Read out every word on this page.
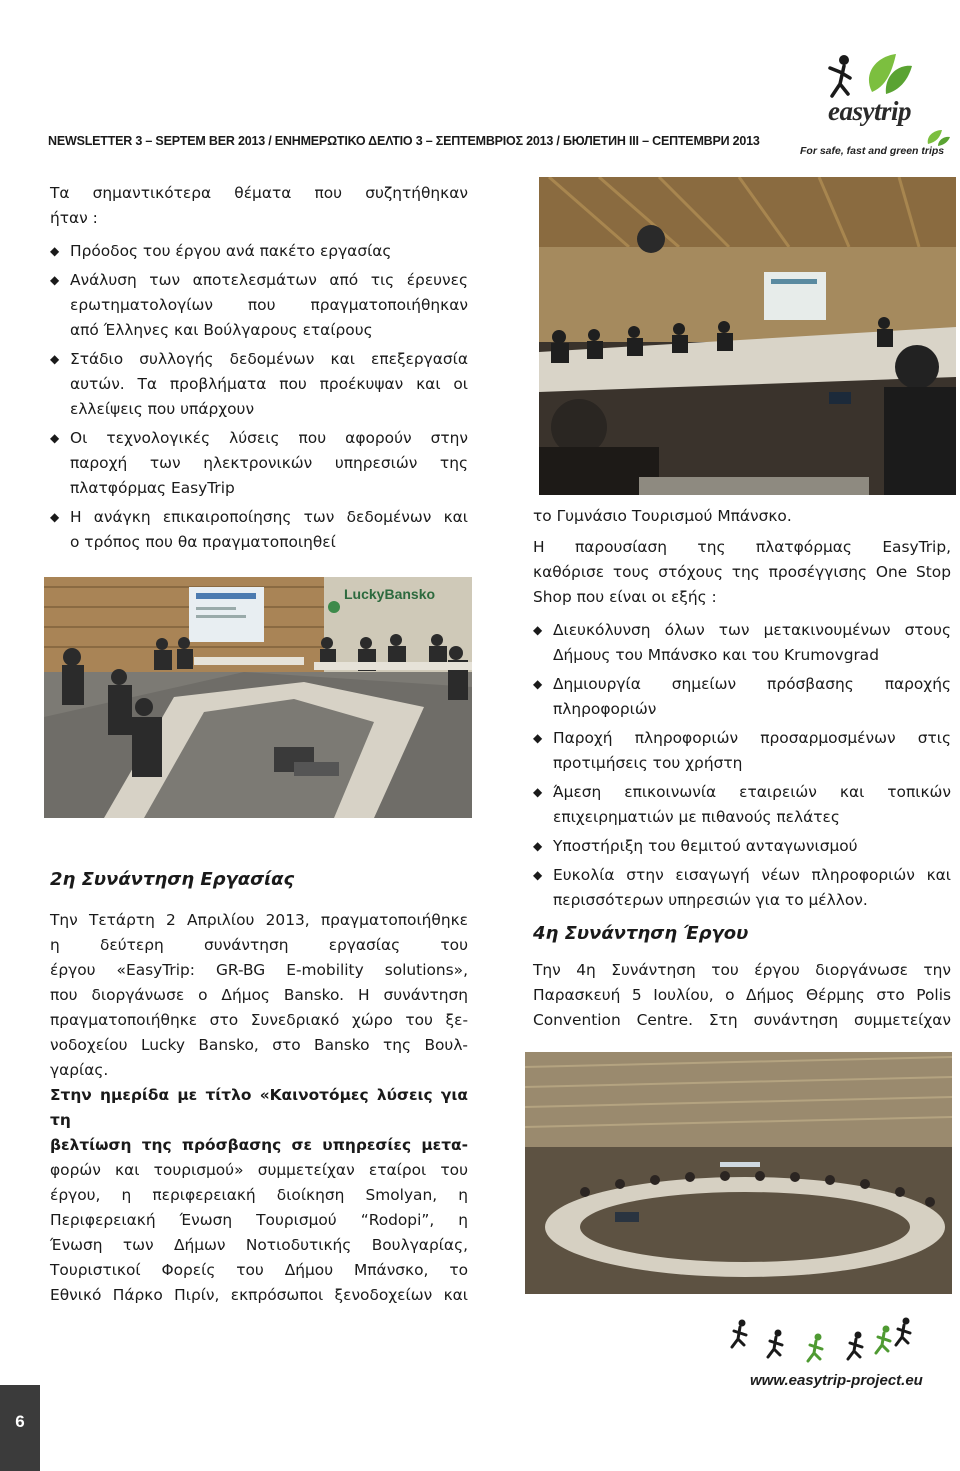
NEWSLETTER 3 – SEPTEM BER 2013 / ΕΝΗΜΕΡΩΤΙΚΟ ΔΕΛΤΙΟ 3 – ΣΕΠΤΕΜΒΡΙΟΣ 2013 / БЮЛЕТИН III – СЕПТЕМВРИ 2013
easytrip
For safe, fast and green trips
Τα σημαντικότερα θέματα που συζητήθηκαν
ήταν :
◆ Πρόοδος του έργου ανά πακέτο εργασίας
◆ Ανάλυση των αποτελεσμάτων από τις έρευνες
ερωτηματολογίων που πραγματοποιήθηκαν
από Έλληνες και Βούλγαρους εταίρους
◆ Στάδιο συλλογής δεδομένων και επεξεργασία
αυτών. Τα προβλήματα που προέκυψαν και οι
ελλείψεις που υπάρχουν
◆ Οι τεχνολογικές λύσεις που αφορούν στην
παροχή των ηλεκτρονικών υπηρεσιών της
πλατφόρμας EasyTrip
◆ Η ανάγκη επικαιροποίησης των δεδομένων και
ο τρόπος που θα πραγματοποιηθεί
LuckyBansko
2η Συνάντηση Εργασίας
Την Τετάρτη 2 Απριλίου 2013, πραγματοποιήθηκε
η δεύτερη συνάντηση εργασίας του
έργου «EasyTrip: GR-BG E-mobility solutions»,
που διοργάνωσε ο Δήμος Bansko. Η συνάντηση
πραγματοποιήθηκε στο Συνεδριακό χώρο του ξε-
νοδοχείου Lucky Bansko, στο Bansko της Βουλ-
γαρίας.
Στην ημερίδα με τίτλο «Καινοτόμες λύσεις για τη
βελτίωση της πρόσβασης σε υπηρεσίες μετα-
φορών και τουρισμού» συμμετείχαν εταίροι του
έργου, η περιφερειακή διοίκηση Smolyan, η
Περιφερειακή Ένωση Τουρισμού “Rodopi”, η
Ένωση των Δήμων Νοτιοδυτικής Βουλγαρίας,
Τουριστικοί Φορείς του Δήμου Μπάνσκο, το
Εθνικό Πάρκο Πιρίν, εκπρόσωποι ξενοδοχείων και
το Γυμνάσιο Τουρισμού Μπάνσκο.
Η παρουσίαση της πλατφόρμας EasyTrip,
καθόρισε τους στόχους της προσέγγισης One Stop
Shop που είναι οι εξής :
◆ Διευκόλυνση όλων των μετακινουμένων στους
Δήμους του Μπάνσκο και του Krumovgrad
◆ Δημιουργία σημείων πρόσβασης παροχής
πληροφοριών
◆ Παροχή πληροφοριών προσαρμοσμένων στις
προτιμήσεις του χρήστη
◆ Άμεση επικοινωνία εταιρειών και τοπικών
επιχειρηματιών με πιθανούς πελάτες
◆ Υποστήριξη του θεμιτού ανταγωνισμού
◆ Ευκολία στην εισαγωγή νέων πληροφοριών και
περισσότερων υπηρεσιών για το μέλλον.
4η Συνάντηση Έργου
Την 4η Συνάντηση του έργου διοργάνωσε την
Παρασκευή 5 Ιουλίου, ο Δήμος Θέρμης στο Polis
Convention Centre. Στη συνάντηση συμμετείχαν
6
www.easytrip-project.eu
